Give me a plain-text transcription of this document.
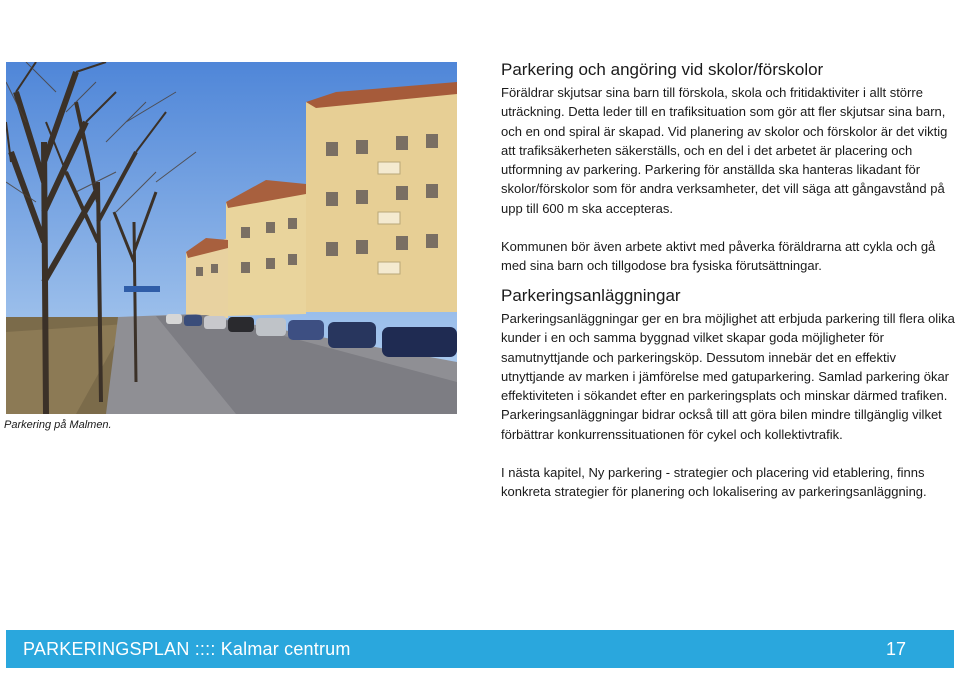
Parkering på Malmen.
Parkering och angöring vid skolor/förskolor

Föräldrar skjutsar sina barn till förskola, skola och fritidaktiviter i allt större uträckning. Detta leder till en trafiksituation som gör att fler skjutsar sina barn, och en ond spiral är skapad. Vid planering av skolor och förskolor är det viktig att trafiksäkerheten säkerställs, och en del i det arbetet är placering och utformning av parkering. Parkering för anställda ska hanteras likadant för skolor/förskolor som för andra verksamheter, det vill säga att gångavstånd på upp till 600 m ska accepteras.

Kommunen bör även arbete aktivt med påverka föräldrarna att cykla och gå med sina barn och tillgodose bra fysiska förutsättningar.

Parkeringsanläggningar

Parkeringsanläggningar ger en bra möjlighet att erbjuda parkering till flera olika kunder i en och samma byggnad vilket skapar goda möjligheter för samutnyttjande och parkeringsköp. Dessutom innebär det en effektiv utnyttjande av marken i jämförelse med gatuparkering. Samlad parkering ökar effektiviteten i sökandet efter en parkeringsplats och minskar därmed trafiken. Parkeringsanläggningar bidrar också till att göra bilen mindre tillgänglig vilket förbättrar konkurrenssituationen för cykel och kollektivtrafik.

I nästa kapitel, Ny parkering - strategier och placering vid etablering, finns konkreta strategier för planering och lokalisering av parkeringsanläggning.

PARKERINGSPLAN :::: Kalmar centrum	17
